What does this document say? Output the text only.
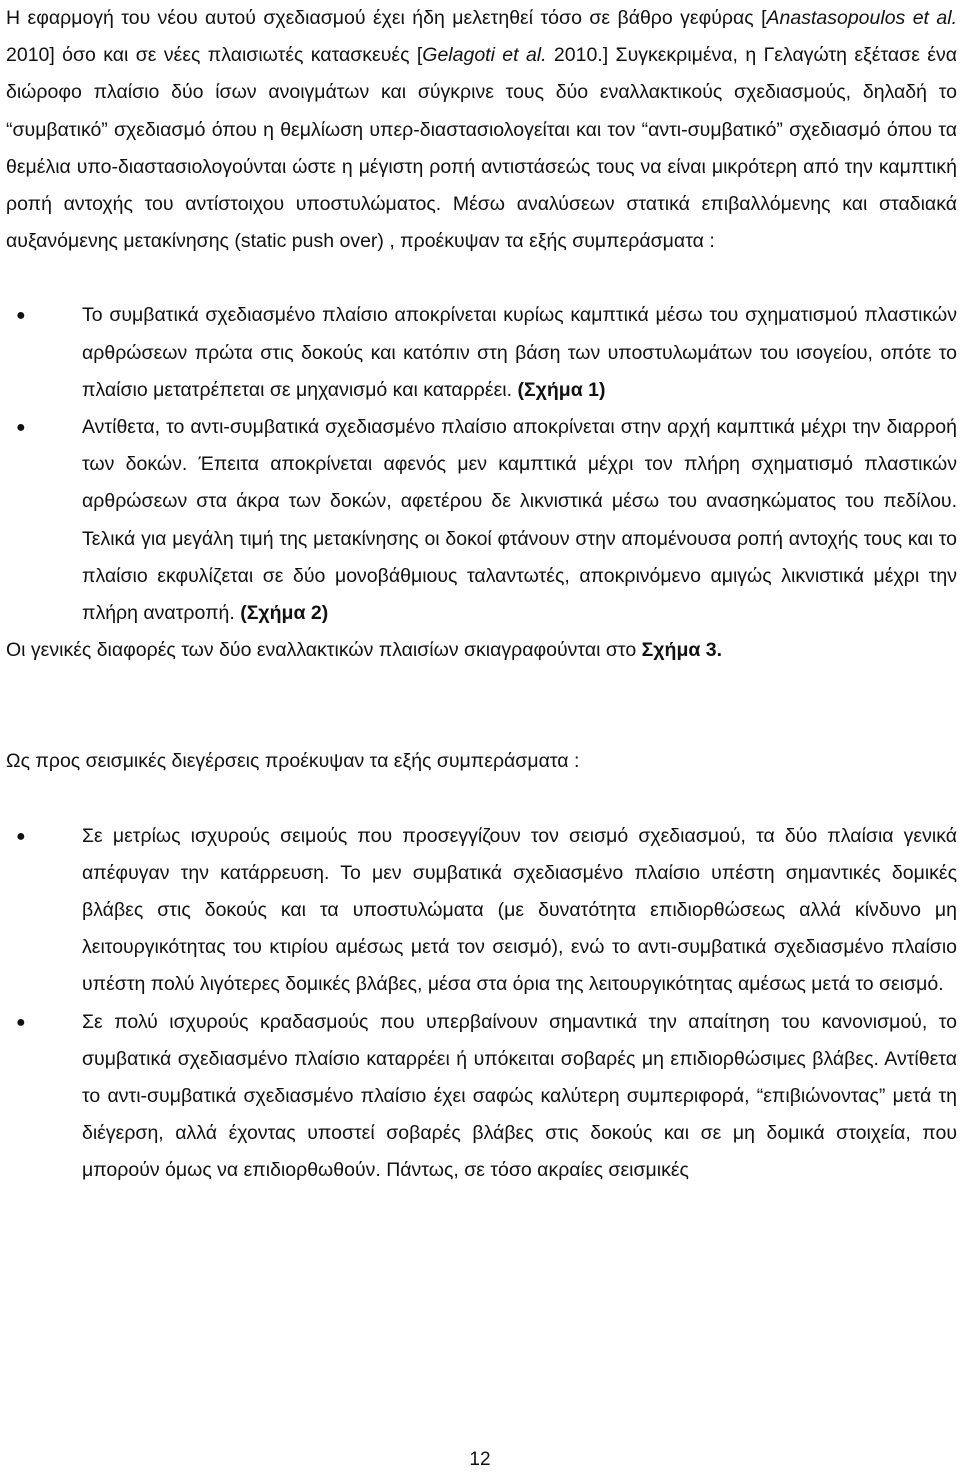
Η εφαρμογή του νέου αυτού σχεδιασμού έχει ήδη μελετηθεί τόσο σε βάθρο γεφύρας [Anastasopoulos et al. 2010] όσο και σε νέες πλαισιωτές κατασκευές [Gelagoti et al. 2010.] Συγκεκριμένα, η Γελαγώτη εξέτασε ένα διώροφο πλαίσιο δύο ίσων ανοιγμάτων και σύγκρινε τους δύο εναλλακτικούς σχεδιασμούς, δηλαδή το “συμβατικό” σχεδιασμό όπου η θεμλίωση υπερ-διαστασιολογείται και τον “αντι-συμβατικό” σχεδιασμό όπου τα θεμέλια υπο-διαστασιολογούνται ώστε η μέγιστη ροπή αντιστάσεώς τους να είναι μικρότερη από την καμπτική ροπή αντοχής του αντίστοιχου υποστυλώματος. Μέσω αναλύσεων στατικά επιβαλλόμενης και σταδιακά αυξανόμενης μετακίνησης (static push over) , προέκυψαν τα εξής συμπεράσματα :

●	Το συμβατικά σχεδιασμένο πλαίσιο αποκρίνεται κυρίως καμπτικά μέσω του σχηματισμού πλαστικών αρθρώσεων πρώτα στις δοκούς και κατόπιν στη βάση των υποστυλωμάτων του ισογείου, οπότε το πλαίσιο μετατρέπεται σε μηχανισμό και καταρρέει. (Σχήμα 1)
●	Αντίθετα, το αντι-συμβατικά σχεδιασμένο πλαίσιο αποκρίνεται στην αρχή καμπτικά μέχρι την διαρροή των δοκών. Έπειτα αποκρίνεται αφενός μεν καμπτικά μέχρι τον πλήρη σχηματισμό πλαστικών αρθρώσεων στα άκρα των δοκών, αφετέρου δε λικνιστικά μέσω του ανασηκώματος του πεδίλου. Τελικά για μεγάλη τιμή της μετακίνησης οι δοκοί φτάνουν στην απομένουσα ροπή αντοχής τους και το πλαίσιο εκφυλίζεται σε δύο μονοβάθμιους ταλαντωτές, αποκρινόμενο αμιγώς λικνιστικά μέχρι την πλήρη ανατροπή. (Σχήμα 2)

Οι γενικές διαφορές των δύο εναλλακτικών πλαισίων σκιαγραφούνται στο Σχήμα 3.

Ως προς σεισμικές διεγέρσεις προέκυψαν τα εξής συμπεράσματα :

●	Σε μετρίως ισχυρούς σειμούς που προσεγγίζουν τον σεισμό σχεδιασμού, τα δύο πλαίσια γενικά απέφυγαν την κατάρρευση. Το μεν συμβατικά σχεδιασμένο πλαίσιο υπέστη σημαντικές δομικές βλάβες στις δοκούς και τα υποστυλώματα (με δυνατότητα επιδιορθώσεως αλλά κίνδυνο μη λειτουργικότητας του κτιρίου αμέσως μετά τον σεισμό), ενώ το αντι-συμβατικά σχεδιασμένο πλαίσιο υπέστη πολύ λιγότερες δομικές βλάβες, μέσα στα όρια της λειτουργικότητας αμέσως μετά το σεισμό.
●	Σε πολύ ισχυρούς κραδασμούς που υπερβαίνουν σημαντικά την απαίτηση του κανονισμού, το συμβατικά σχεδιασμένο πλαίσιο καταρρέει ή υπόκειται σοβαρές μη επιδιορθώσιμες βλάβες. Αντίθετα το αντι-συμβατικά σχεδιασμένο πλαίσιο έχει σαφώς καλύτερη συμπεριφορά, “επιβιώνοντας” μετά τη διέγερση, αλλά έχοντας υποστεί σοβαρές βλάβες στις δοκούς και σε μη δομικά στοιχεία, που μπορούν όμως να επιδιορθωθούν. Πάντως, σε τόσο ακραίες σεισμικές
12
